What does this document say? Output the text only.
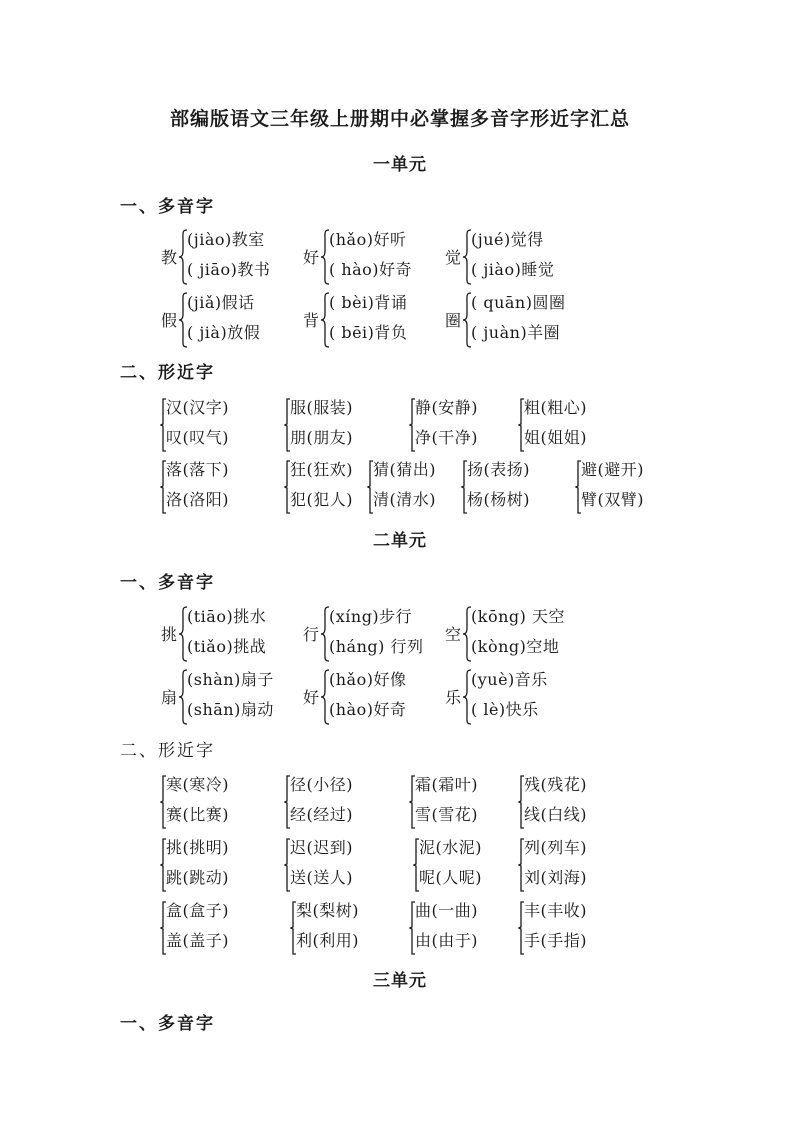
部编版语文三年级上册期中必掌握多音字形近字汇总
一单元
一、多音字
教
(jiào)教室
( jiāo)教书
好
(hǎo)好听
( hào)好奇
觉
(jué)觉得
( jiào)睡觉
假
(jiǎ)假话
( jià)放假
背
( bèi)背诵
( bēi)背负
圈
( quān)圆圈
( juàn)羊圈
二、形近字
汉(汉字)
叹(叹气)
服(服装)
朋(朋友)
静(安静)
净(干净)
粗(粗心)
姐(姐姐)
落(落下)
洛(洛阳)
狂(狂欢)
犯(犯人)
猜(猜出)
清(清水)
扬(表扬)
杨(杨树)
避(避开)
臂(双臂)
二单元
一、多音字
挑
(tiāo)挑水
(tiǎo)挑战
行
(xíng)步行
(háng) 行列
空
(kōng) 天空
(kòng)空地
扇
(shàn)扇子
(shān)扇动
好
(hǎo)好像
(hào)好奇
乐
(yuè)音乐
( lè)快乐
二、形近字
寒(寒冷)
赛(比赛)
径(小径)
经(经过)
霜(霜叶)
雪(雪花)
残(残花)
线(白线)
挑(挑明)
跳(跳动)
迟(迟到)
送(送人)
泥(水泥)
呢(人呢)
列(列车)
刘(刘海)
盒(盒子)
盖(盖子)
梨(梨树)
利(利用)
曲(一曲)
由(由于)
丰(丰收)
手(手指)
三单元
一、多音字
